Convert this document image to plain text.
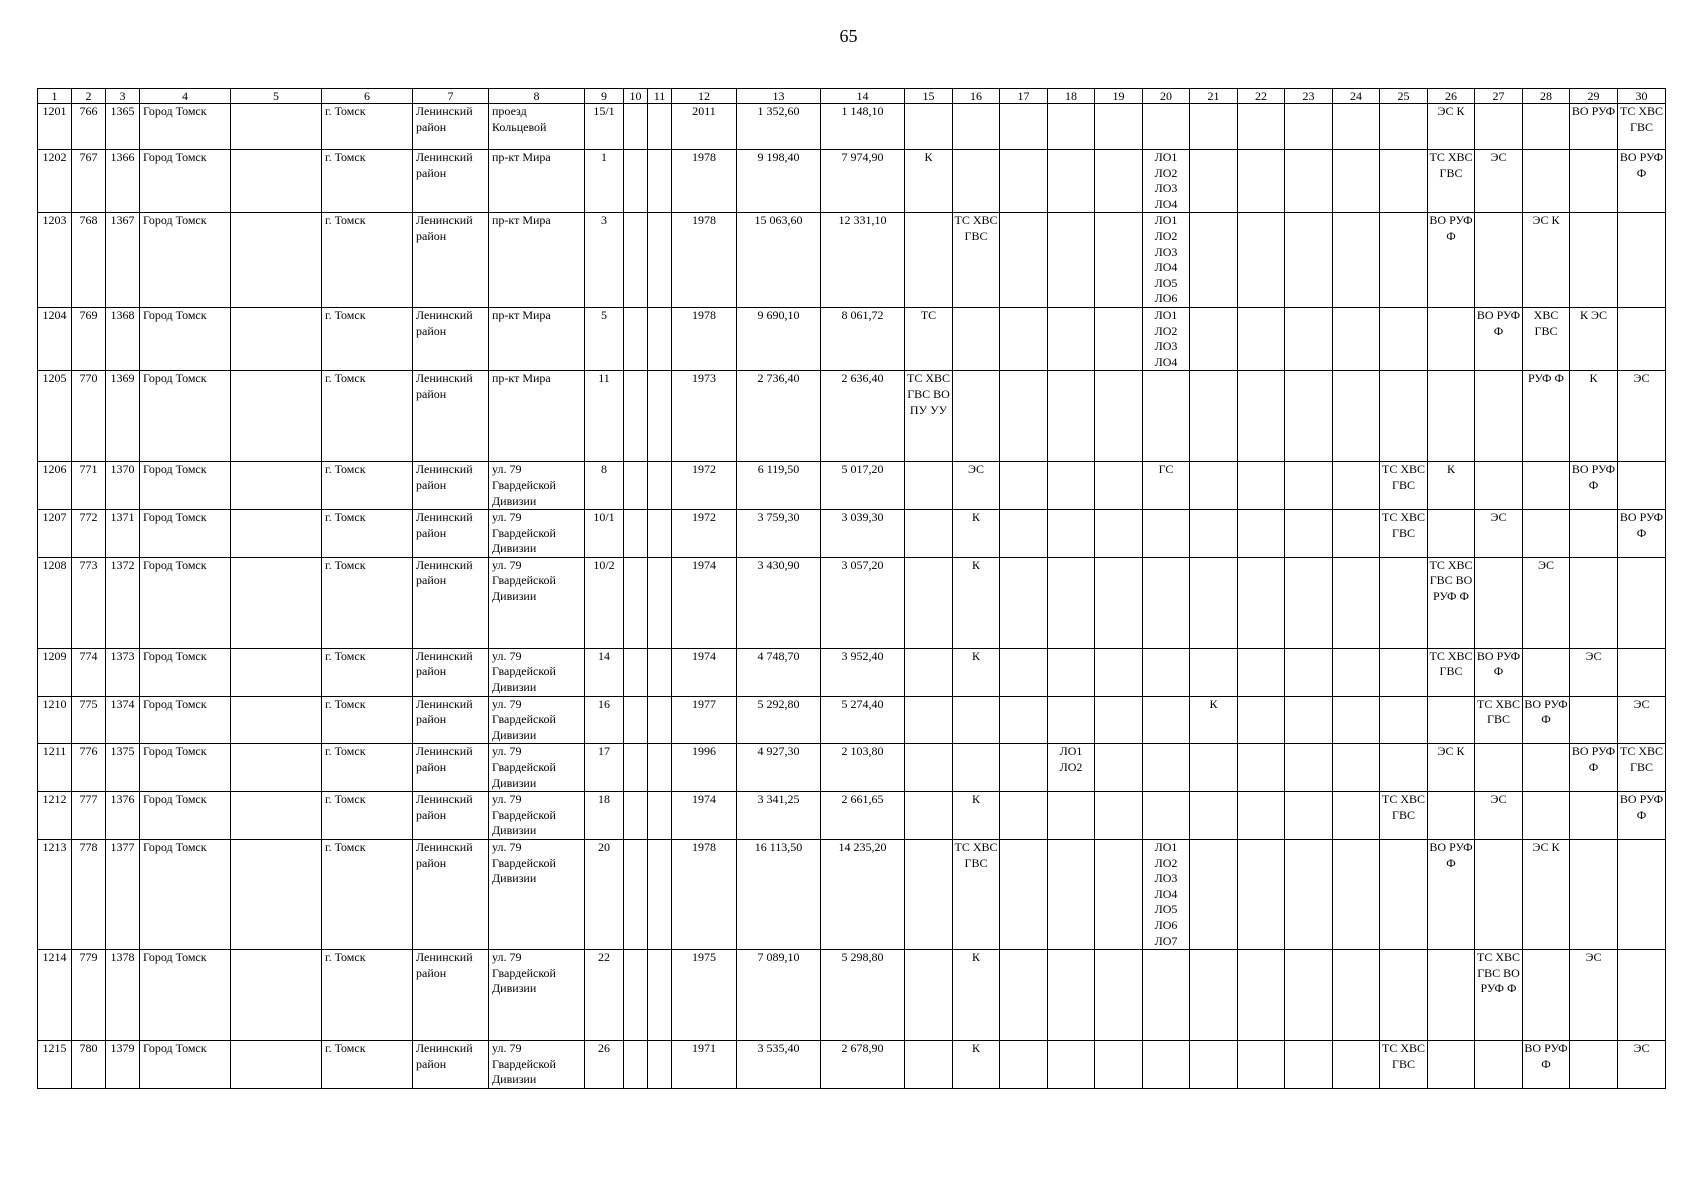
65
1	2	3	4	5	6	7	8	9	10	11	12	13	14	15	16	17	18	19	20	21	22	23	24	25	26	27	28	29	30
1201	766	1365	Город Томск		г. Томск	Ленинский район	проезд Кольцевой	15/1			2011	1 352,60	1 148,10												ЭС К			ВО РУФ	ТС ХВС ГВС
1202	767	1366	Город Томск		г. Томск	Ленинский район	пр-кт Мира	1			1978	9 198,40	7 974,90	К					ЛО1 ЛО2 ЛО3 ЛО4						ТС ХВС ГВС	ЭС			ВО РУФ Ф
1203	768	1367	Город Томск		г. Томск	Ленинский район	пр-кт Мира	3			1978	15 063,60	12 331,10		ТС ХВС ГВС				ЛО1 ЛО2 ЛО3 ЛО4 ЛО5 ЛО6						ВО РУФ Ф		ЭС К		
1204	769	1368	Город Томск		г. Томск	Ленинский район	пр-кт Мира	5			1978	9 690,10	8 061,72	ТС					ЛО1 ЛО2 ЛО3 ЛО4							ВО РУФ Ф	ХВС ГВС	К ЭС	
1205	770	1369	Город Томск		г. Томск	Ленинский район	пр-кт Мира	11			1973	2 736,40	2 636,40	ТС ХВС ГВС ВО ПУ УУ													РУФ Ф	К	ЭС
1206	771	1370	Город Томск		г. Томск	Ленинский район	ул. 79 Гвардейской Дивизии	8			1972	6 119,50	5 017,20		ЭС				ГС					ТС ХВС ГВС	К			ВО РУФ Ф	
1207	772	1371	Город Томск		г. Томск	Ленинский район	ул. 79 Гвардейской Дивизии	10/1			1972	3 759,30	3 039,30		К									ТС ХВС ГВС		ЭС			ВО РУФ Ф
1208	773	1372	Город Томск		г. Томск	Ленинский район	ул. 79 Гвардейской Дивизии	10/2			1974	3 430,90	3 057,20		К										ТС ХВС ГВС ВО РУФ Ф		ЭС		
1209	774	1373	Город Томск		г. Томск	Ленинский район	ул. 79 Гвардейской Дивизии	14			1974	4 748,70	3 952,40		К										ТС ХВС ГВС	ВО РУФ Ф		ЭС	
1210	775	1374	Город Томск		г. Томск	Ленинский район	ул. 79 Гвардейской Дивизии	16			1977	5 292,80	5 274,40							К						ТС ХВС ГВС	ВО РУФ Ф		ЭС
1211	776	1375	Город Томск		г. Томск	Ленинский район	ул. 79 Гвардейской Дивизии	17			1996	4 927,30	2 103,80				ЛО1 ЛО2								ЭС К			ВО РУФ Ф	ТС ХВС ГВС
1212	777	1376	Город Томск		г. Томск	Ленинский район	ул. 79 Гвардейской Дивизии	18			1974	3 341,25	2 661,65		К									ТС ХВС ГВС		ЭС			ВО РУФ Ф
1213	778	1377	Город Томск		г. Томск	Ленинский район	ул. 79 Гвардейской Дивизии	20			1978	16 113,50	14 235,20		ТС ХВС ГВС				ЛО1 ЛО2 ЛО3 ЛО4 ЛО5 ЛО6 ЛО7						ВО РУФ Ф		ЭС К		
1214	779	1378	Город Томск		г. Томск	Ленинский район	ул. 79 Гвардейской Дивизии	22			1975	7 089,10	5 298,80		К											ТС ХВС ГВС ВО РУФ Ф		ЭС	
1215	780	1379	Город Томск		г. Томск	Ленинский район	ул. 79 Гвардейской Дивизии	26			1971	3 535,40	2 678,90		К									ТС ХВС ГВС			ВО РУФ Ф		ЭС
